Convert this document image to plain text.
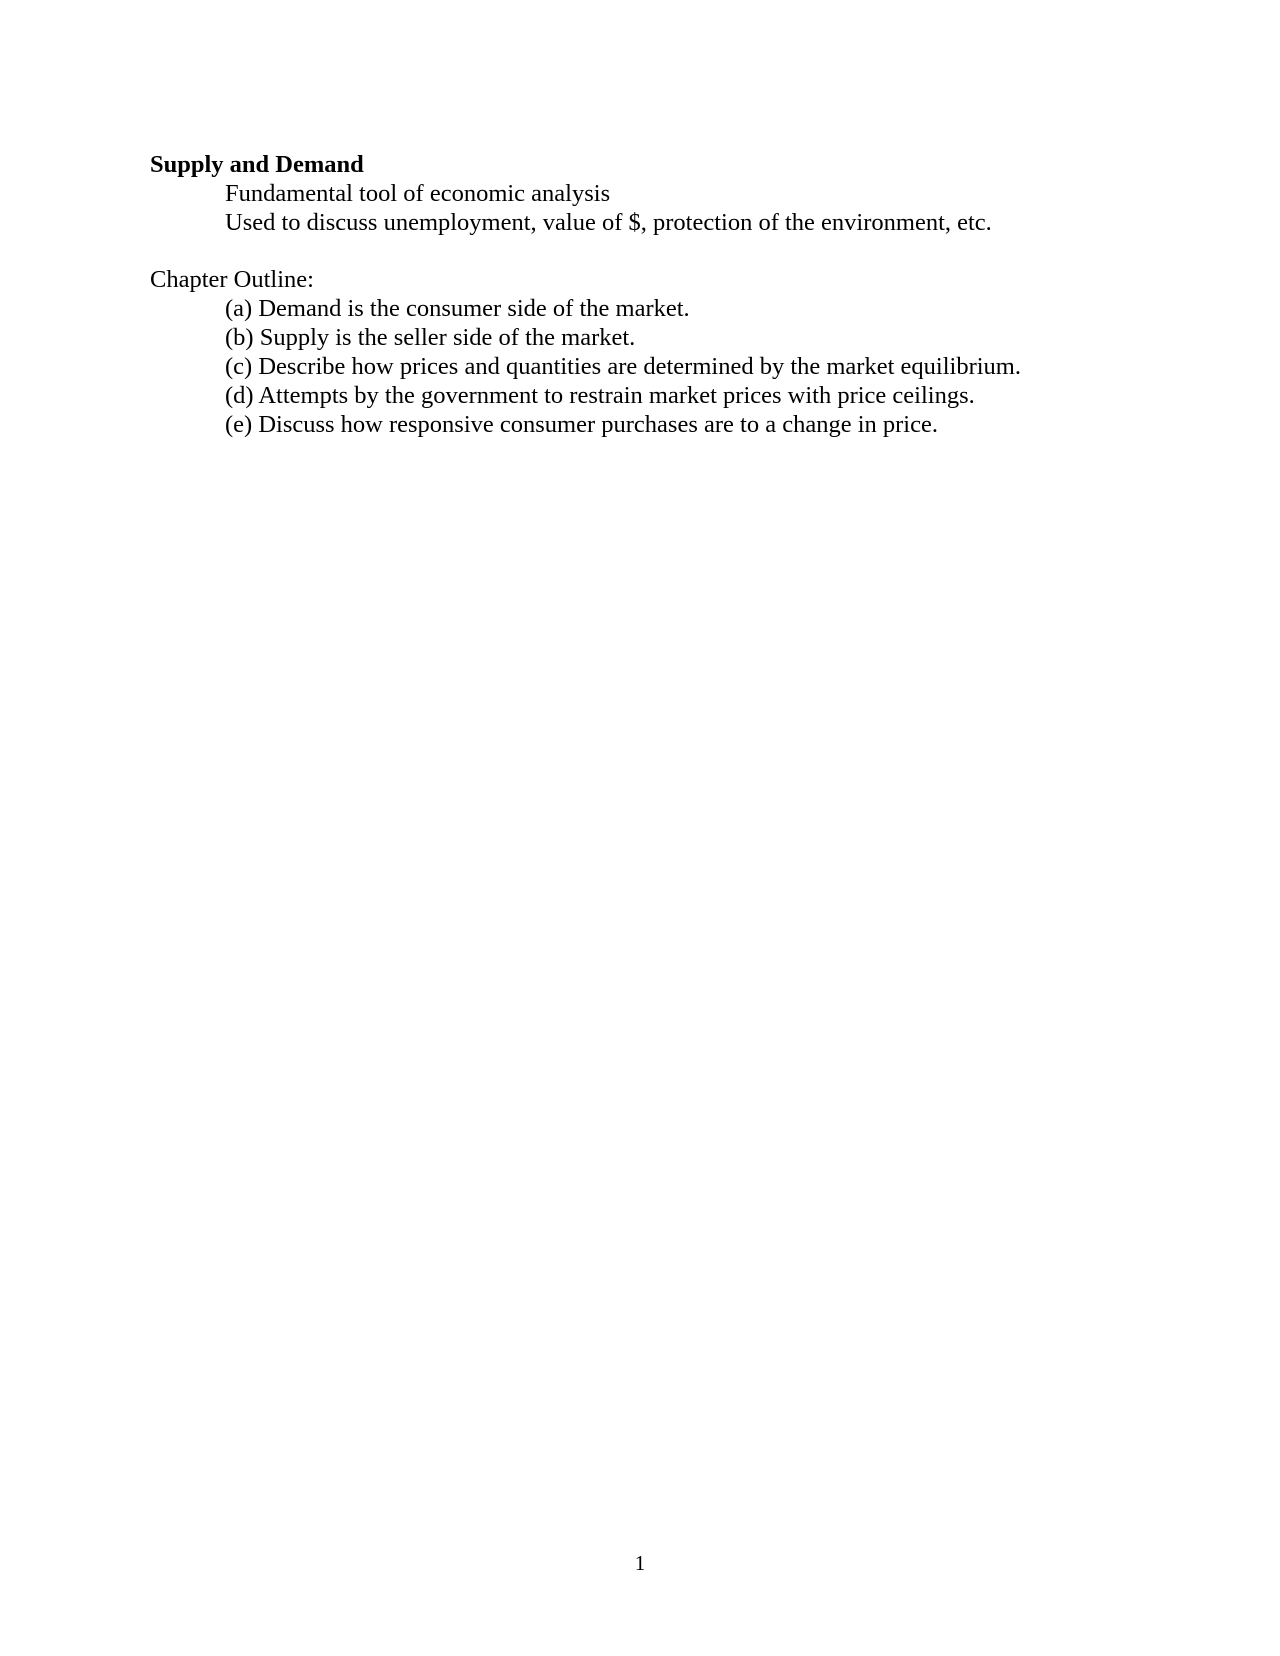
Supply and Demand

Fundamental tool of economic analysis

Used to discuss unemployment, value of $, protection of the environment, etc.

Chapter Outline:

(a) Demand is the consumer side of the market.
(b) Supply is the seller side of the market.
(c) Describe how prices and quantities are determined by the market equilibrium.
(d) Attempts by the government to restrain market prices with price ceilings.
(e) Discuss how responsive consumer purchases are to a change in price.
1
